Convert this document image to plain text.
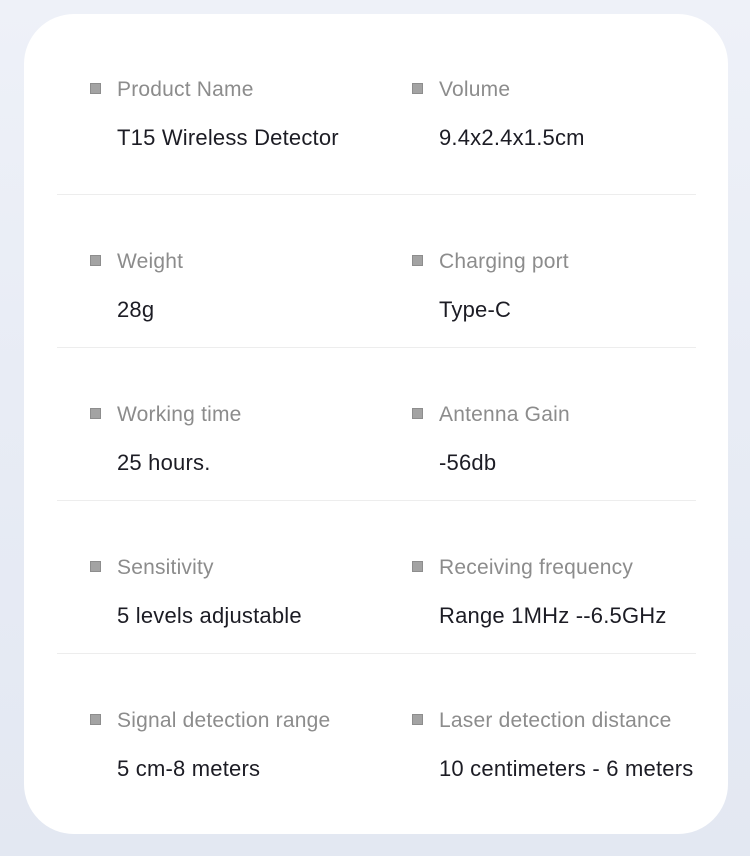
Product Name
T15 Wireless Detector
Volume
9.4x2.4x1.5cm
Weight
28g
Charging port
Type-C
Working time
25 hours.
Antenna Gain
-56db
Sensitivity
5 levels adjustable
Receiving frequency
Range 1MHz --6.5GHz
Signal detection range
5 cm-8 meters
Laser detection distance
10 centimeters - 6 meters
